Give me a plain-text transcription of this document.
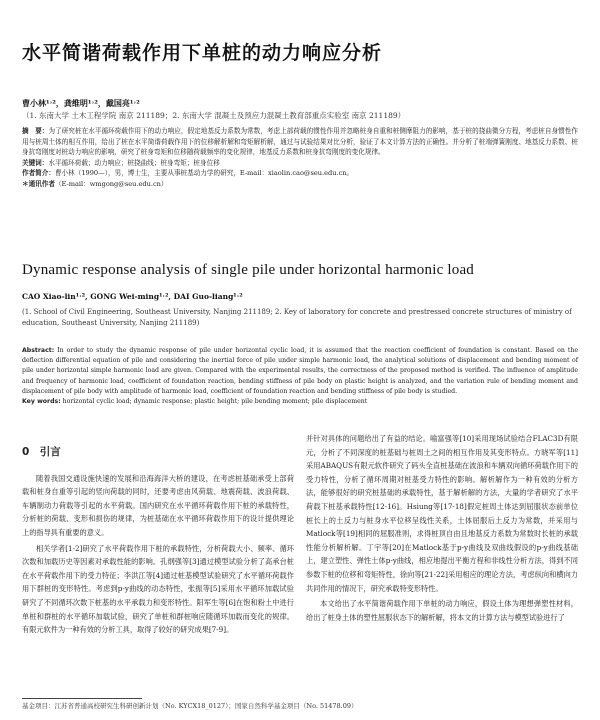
水平简谐荷载作用下单桩的动力响应分析
曹小林¹˒²，龚维明¹˒²，戴国亮¹˒²
（1. 东南大学 土木工程学院 南京 211189；2. 东南大学 混凝土及预应力混凝土教育部重点实验室 南京 211189）

摘　要：为了研究桩在水平循环荷载作用下的动力响应，假定地基反力系数为常数，考虑上部荷载的惯性作用并忽略桩身自重和桩侧摩阻力的影响，基于桩的挠曲微分方程，考虑桩自身惯性作用与桩周土体的相互作用，给出了桩在水平简谐荷载作用下的位移解析解和弯矩解析解，通过与试验结果对比分析，验证了本文计算方法的正确性。并分析了桩端弹簧刚度、地基反力系数、桩身抗弯刚度对桩动力响应的影响，研究了桩身弯矩和位移随荷载频率的变化规律，地基反力系数和桩身抗弯刚度的变化规律。

关键词：水平循环荷载；动力响应；桩挠曲线；桩身弯矩；桩身位移

作者简介：曹小林（1990—），男，博士生，主要从事桩基动力学的研究，E-mail：xiaolin.cao@seu.edu.cn。

＊通讯作者（E-mail：wmgong@seu.edu.cn）

Dynamic response analysis of single pile under horizontal harmonic load
CAO Xiao-lin¹˒², GONG Wei-ming¹˒², DAI Guo-liang¹˒²
(1. School of Civil Engineering, Southeast University, Nanjing 211189; 2. Key of laboratory for concrete and prestressed concrete structures of ministry of education, Southeast University, Nanjing 211189)

Abstract: In order to study the dynamic response of pile under horizontal cyclic load, it is assumed that the reaction coefficient of foundation is constant. Based on the deflection differential equation of pile and considering the inertial force of pile under simple harmonic load, the analytical solutions of displacement and bending moment of pile under horizontal simple harmonic load are given. Compared with the experimental results, the correctness of the proposed method is verified. The influence of amplitude and frequency of harmonic load, coefficient of foundation reaction, bending stiffness of pile body on plastic height is analyzed, and the variation rule of bending moment and displacement of pile body with amplitude of harmonic load, coefficient of foundation reaction and bending stiffness of pile body is studied.

Key words: horizontal cyclic load; dynamic response; plastic height; pile bending moment; pile displacement

0　引言

随着我国交通设施快速的发展和沿海海洋大桥的建设，在考虑桩基础承受上部荷载和桩身自重等引起的竖向荷载的同时，还要考虑由风荷载、地震荷载、波浪荷载、车辆制动力荷载等引起的水平荷载。国内研究在水平循环荷载作用下桩的承载特性，分析桩的荷载、变形和损伤的规律，为桩基础在水平循环荷载作用下的设计提供理论上的指导具有重要的意义。

相关学者[1-2]研究了水平荷载作用下桩的承载特性，分析荷载大小、频率、循环次数和加载历史等因素对承载性能的影响。孔纲强等[3]通过模型试验分析了高承台桩在水平荷载作用下的受力特征；李洪江等[4]通过桩基模型试验研究了水平循环荷载作用下群桩的变形特性。考虑到p-y曲线的动态特性，张振等[5]采用水平循环加载试验研究了不同循环次数下桩基的水平承载力和变形特性。阳军生等[6]在饱和粉土中进行单桩和群桩的水平循环加载试验，研究了单桩和群桩响应随循环加载而变化的规律。有限元软件为一种有效的分析工具，取得了较好的研究成果[7-9]。

并针对具体的问题给出了有益的结论。喻富强等[10]采用现场试验结合FLAC3D有限元，分析了不同深度的桩基础与桩周土之间的相互作用及其变形特点。方晓军等[11]采用ABAQUS有限元软件研究了码头全直桩基础在波浪和车辆双向循环荷载作用下的受力特性，分析了循环周期对桩基受力特性的影响。解析解作为一种有效的分析方法，能够很好的研究桩基础的承载特性，基于解析解的方法，大量的学者研究了水平荷载下桩基承载特性[12-16]。Hsiung等[17-18]假定桩周土体达到屈服状态前单位桩长上的土反力与桩身水平位移呈线性关系，土体屈服后土反力为常数，并采用与Matlock等[19]相同的屈服准则，求得桩顶自由且地基反力系数为常数时长桩的承载性能分析解析解。丁宇等[20]在Matlock基于p-y曲线及双曲线假设的p-y曲线基础上，建立塑性、弹性土体p-y曲线，相应地提出平衡方程和非线性分析方法，得到不同参数下桩的位移和弯矩特性，徐向等[21-22]采用相应的理论方法，考虑纵向和横向力共同作用的情况下，研究承载特变形特性。

本文给出了水平简谐荷载作用下单桩的动力响应，假设土体为理想弹塑性材料，给出了桩身土体的塑性屈服状态下的解析解，将本文的计算方法与模型试验进行了

基金项目：江苏省普通高校研究生科研创新计划（No. KYCX18_0127）；国家自然科学基金项目（No. 51478.09）
